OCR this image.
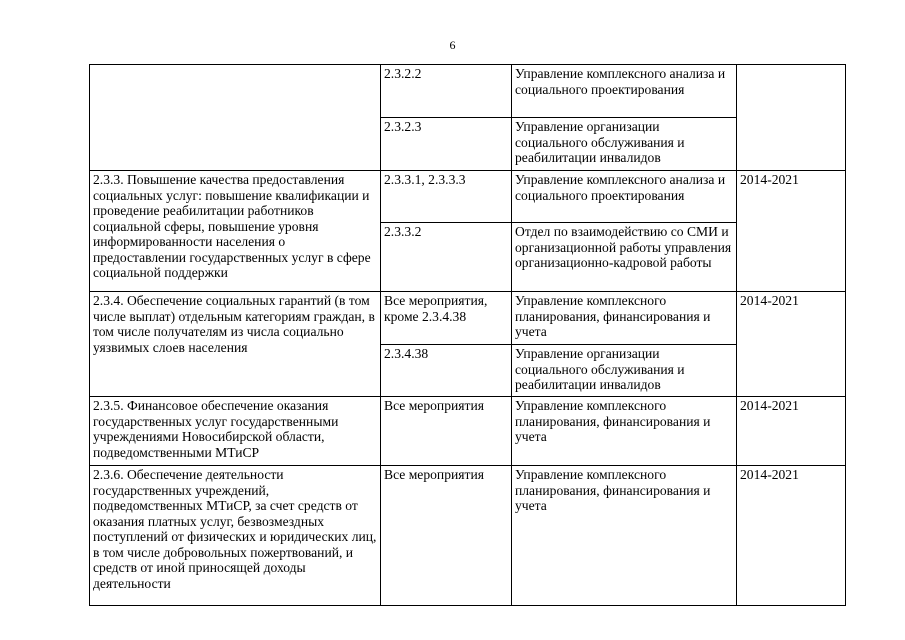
6
	2.3.2.2	Управление комплексного анализа и социального проектирования	
	2.3.2.3	Управление организации социального обслуживания и реабилитации инвалидов	
2.3.3. Повышение качества предоставления социальных услуг: повышение квалификации и проведение реабилитации работников социальной сферы, повышение уровня информированности населения о предоставлении государственных услуг в сфере социальной поддержки	2.3.3.1, 2.3.3.3	Управление комплексного анализа и социального проектирования	2014-2021
	2.3.3.2	Отдел по взаимодействию со СМИ и организационной работы управления организационно-кадровой работы	
2.3.4. Обеспечение социальных гарантий (в том числе выплат) отдельным категориям граждан, в том числе получателям из числа социально уязвимых слоев населения	Все мероприятия, кроме 2.3.4.38	Управление комплексного планирования, финансирования и учета	2014-2021
	2.3.4.38	Управление организации социального обслуживания и реабилитации инвалидов	
2.3.5. Финансовое обеспечение оказания государственных услуг государственными учреждениями Новосибирской области, подведомственными МТиСР	Все мероприятия	Управление комплексного планирования, финансирования и учета	2014-2021
2.3.6. Обеспечение деятельности государственных учреждений, подведомственных МТиСР, за счет средств от оказания платных услуг, безвозмездных поступлений от физических и юридических лиц, в том числе добровольных пожертвований, и средств от иной приносящей доходы деятельности	Все мероприятия	Управление комплексного планирования, финансирования и учета	2014-2021
